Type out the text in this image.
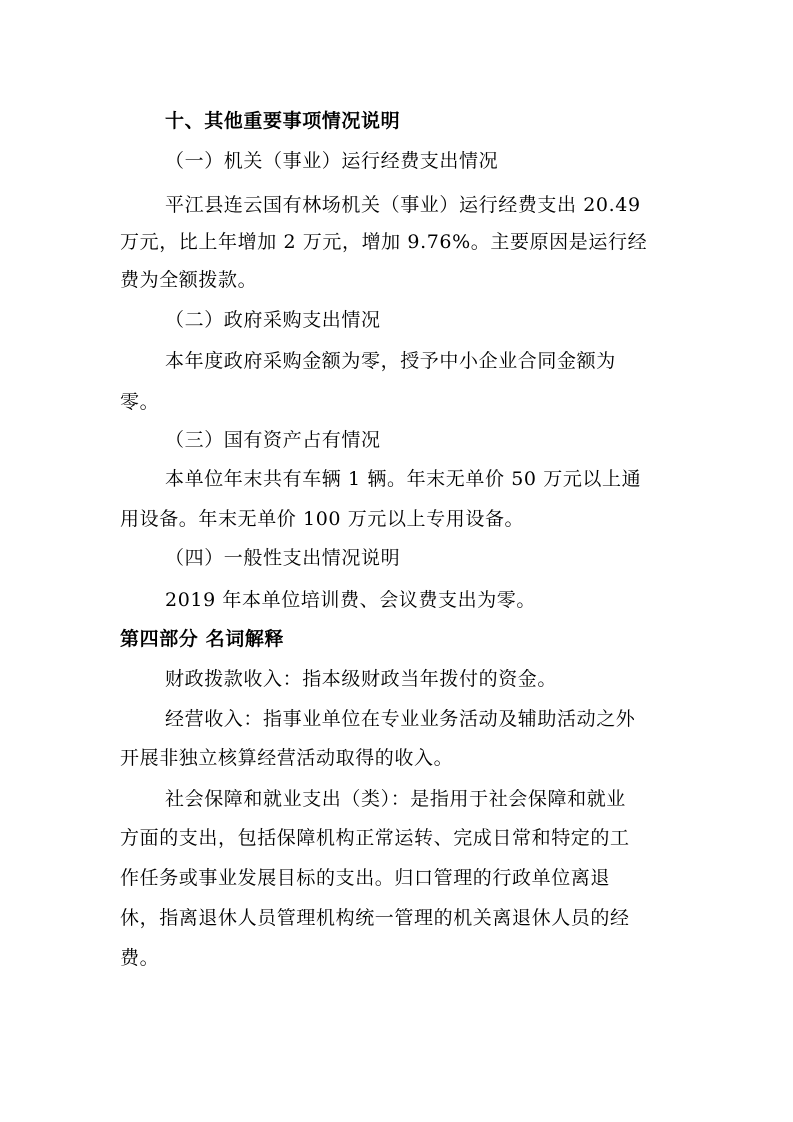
十、其他重要事项情况说明
（一）机关（事业）运行经费支出情况
平江县连云国有林场机关（事业）运行经费支出 20.49
万元，比上年增加 2 万元，增加 9.76%。主要原因是运行经
费为全额拨款。
（二）政府采购支出情况
本年度政府采购金额为零，授予中小企业合同金额为
零。
（三）国有资产占有情况
本单位年末共有车辆 1 辆。年末无单价 50 万元以上通
用设备。年末无单价 100 万元以上专用设备。
（四）一般性支出情况说明
2019 年本单位培训费、会议费支出为零。
第四部分 名词解释
财政拨款收入：指本级财政当年拨付的资金。
经营收入：指事业单位在专业业务活动及辅助活动之外
开展非独立核算经营活动取得的收入。
社会保障和就业支出（类）：是指用于社会保障和就业
方面的支出，包括保障机构正常运转、完成日常和特定的工
作任务或事业发展目标的支出。归口管理的行政单位离退
休，指离退休人员管理机构统一管理的机关离退休人员的经
费。
